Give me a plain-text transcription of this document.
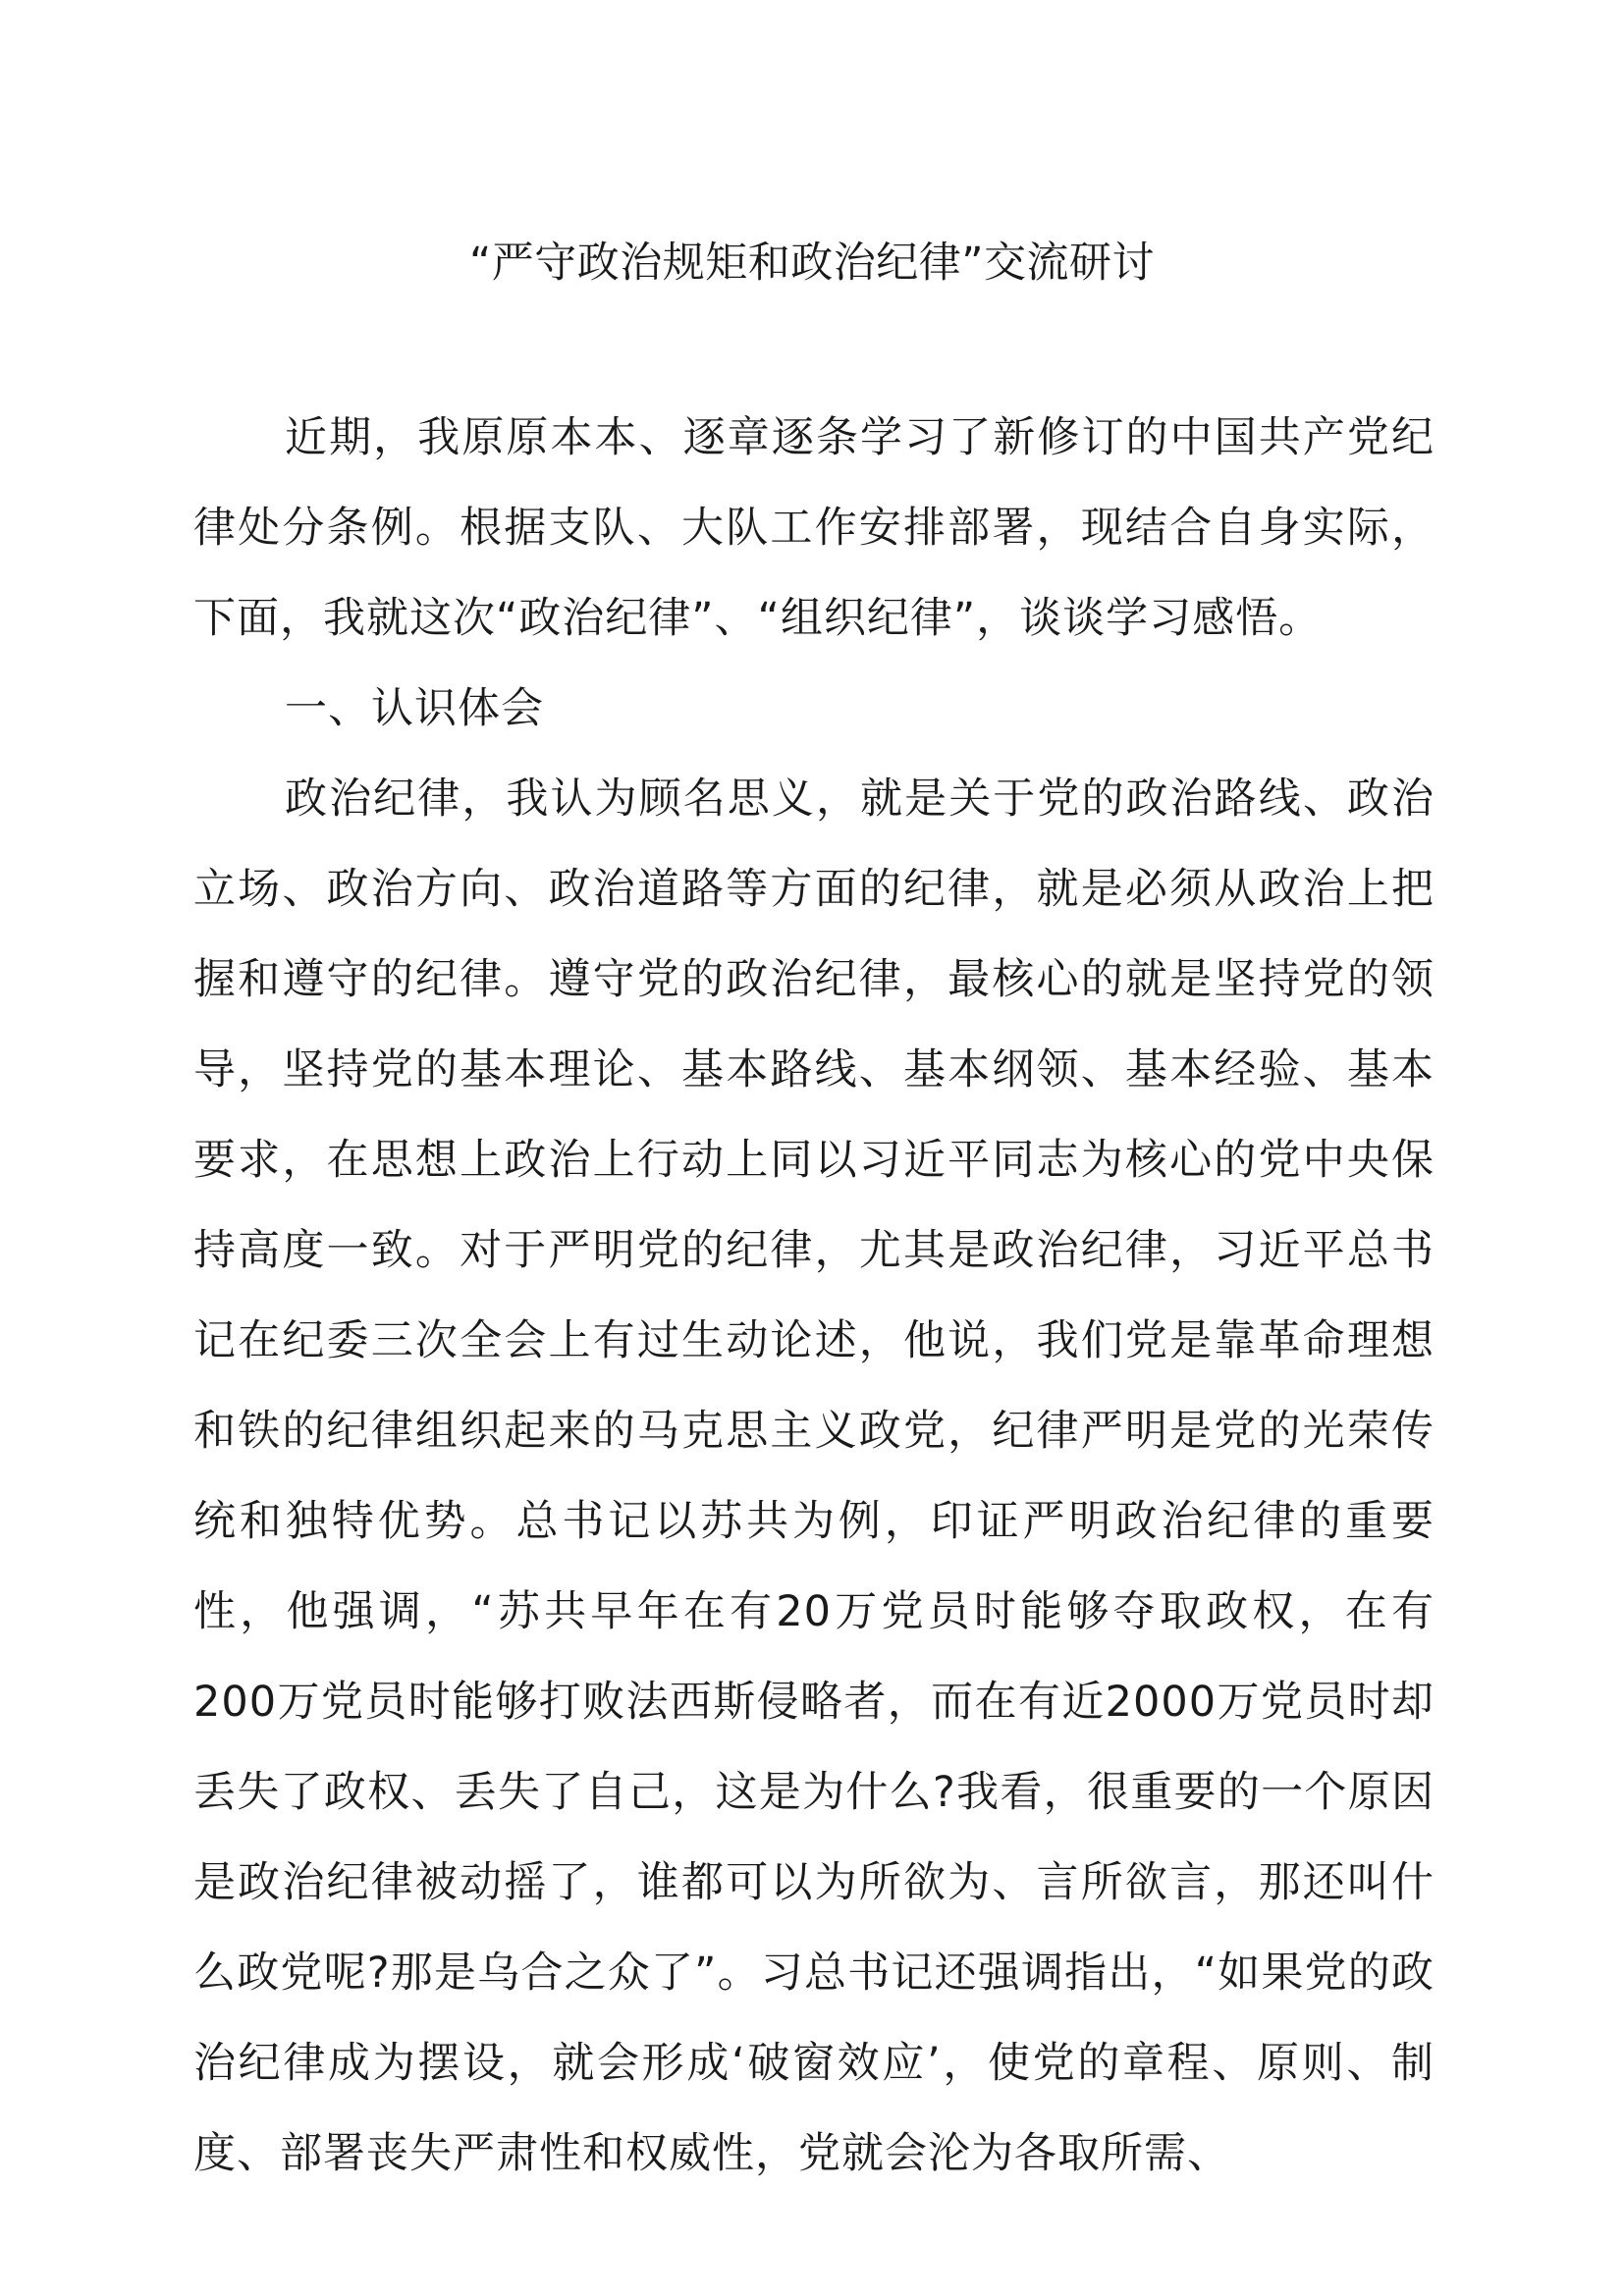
“严守政治规矩和政治纪律”交流研讨

近期，我原原本本、逐章逐条学习了新修订的中国共产党纪律处分条例。根据支队、大队工作安排部署，现结合自身实际，下面，我就这次“政治纪律”、“组织纪律”，谈谈学习感悟。

一、认识体会

政治纪律，我认为顾名思义，就是关于党的政治路线、政治立场、政治方向、政治道路等方面的纪律，就是必须从政治上把握和遵守的纪律。遵守党的政治纪律，最核心的就是坚持党的领导，坚持党的基本理论、基本路线、基本纲领、基本经验、基本要求，在思想上政治上行动上同以习近平同志为核心的党中央保持高度一致。对于严明党的纪律，尤其是政治纪律，习近平总书记在纪委三次全会上有过生动论述，他说，我们党是靠革命理想和铁的纪律组织起来的马克思主义政党，纪律严明是党的光荣传统和独特优势。总书记以苏共为例，印证严明政治纪律的重要性，他强调，“苏共早年在有20万党员时能够夺取政权，在有200万党员时能够打败法西斯侵略者，而在有近2000万党员时却丢失了政权、丢失了自己，这是为什么?我看，很重要的一个原因是政治纪律被动摇了，谁都可以为所欲为、言所欲言，那还叫什么政党呢?那是乌合之众了”。习总书记还强调指出，“如果党的政治纪律成为摆设，就会形成‘破窗效应’，使党的章程、原则、制度、部署丧失严肃性和权威性，党就会沦为各取所需、
